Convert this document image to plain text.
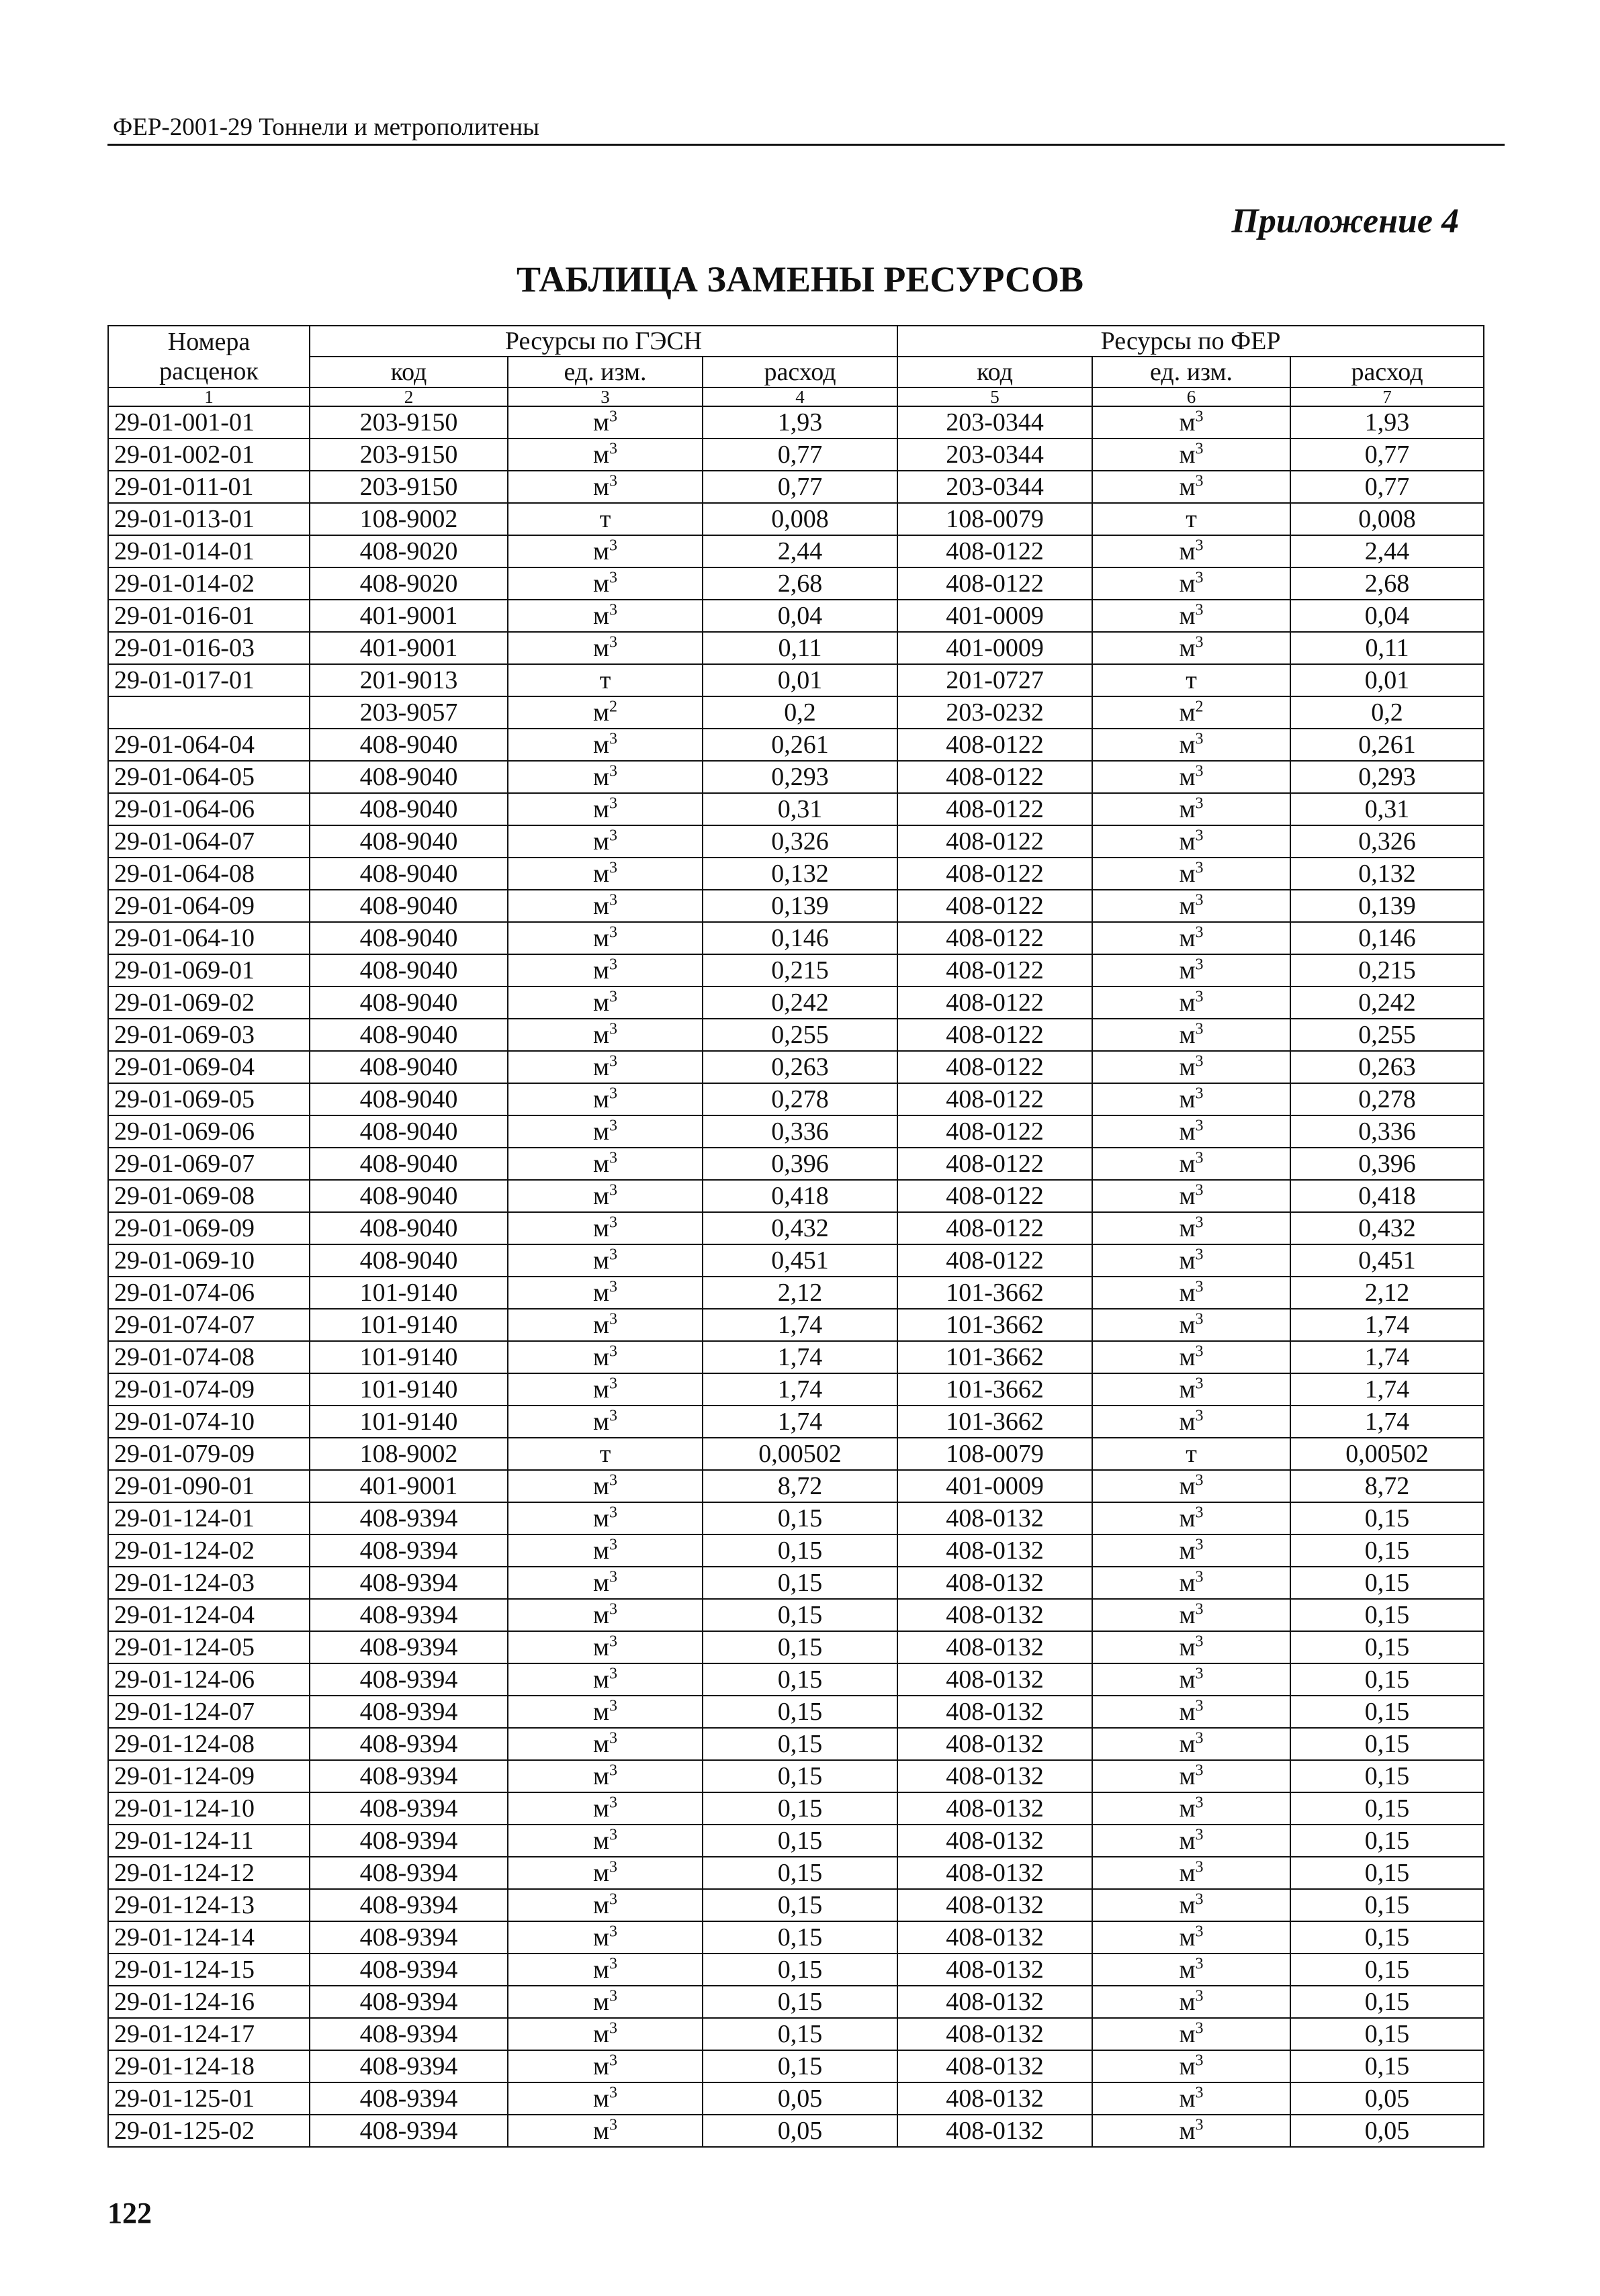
ФЕР-2001-29 Тоннели и метрополитены
Приложение 4
ТАБЛИЦА ЗАМЕНЫ РЕСУРСОВ
Номера расценок	Ресурсы по ГЭСН			Ресурсы по ФЕР		
	код	ед. изм.	расход	код	ед. изм.	расход
1	2	3	4	5	6	7
29-01-001-01	203-9150	$м^3$	1,93	203-0344	$м^3$	1,93
29-01-002-01	203-9150	$м^3$	0,77	203-0344	$м^3$	0,77
29-01-011-01	203-9150	$м^3$	0,77	203-0344	$м^3$	0,77
29-01-013-01	108-9002	т	0,008	108-0079	т	0,008
29-01-014-01	408-9020	$м^3$	2,44	408-0122	$м^3$	2,44
29-01-014-02	408-9020	$м^3$	2,68	408-0122	$м^3$	2,68
29-01-016-01	401-9001	$м^3$	0,04	401-0009	$м^3$	0,04
29-01-016-03	401-9001	$м^3$	0,11	401-0009	$м^3$	0,11
29-01-017-01	201-9013	т	0,01	201-0727	т	0,01
	203-9057	$м^2$	0,2	203-0232	$м^2$	0,2
29-01-064-04	408-9040	$м^3$	0,261	408-0122	$м^3$	0,261
29-01-064-05	408-9040	$м^3$	0,293	408-0122	$м^3$	0,293
29-01-064-06	408-9040	$м^3$	0,31	408-0122	$м^3$	0,31
29-01-064-07	408-9040	$м^3$	0,326	408-0122	$м^3$	0,326
29-01-064-08	408-9040	$м^3$	0,132	408-0122	$м^3$	0,132
29-01-064-09	408-9040	$м^3$	0,139	408-0122	$м^3$	0,139
29-01-064-10	408-9040	$м^3$	0,146	408-0122	$м^3$	0,146
29-01-069-01	408-9040	$м^3$	0,215	408-0122	$м^3$	0,215
29-01-069-02	408-9040	$м^3$	0,242	408-0122	$м^3$	0,242
29-01-069-03	408-9040	$м^3$	0,255	408-0122	$м^3$	0,255
29-01-069-04	408-9040	$м^3$	0,263	408-0122	$м^3$	0,263
29-01-069-05	408-9040	$м^3$	0,278	408-0122	$м^3$	0,278
29-01-069-06	408-9040	$м^3$	0,336	408-0122	$м^3$	0,336
29-01-069-07	408-9040	$м^3$	0,396	408-0122	$м^3$	0,396
29-01-069-08	408-9040	$м^3$	0,418	408-0122	$м^3$	0,418
29-01-069-09	408-9040	$м^3$	0,432	408-0122	$м^3$	0,432
29-01-069-10	408-9040	$м^3$	0,451	408-0122	$м^3$	0,451
29-01-074-06	101-9140	$м^3$	2,12	101-3662	$м^3$	2,12
29-01-074-07	101-9140	$м^3$	1,74	101-3662	$м^3$	1,74
29-01-074-08	101-9140	$м^3$	1,74	101-3662	$м^3$	1,74
29-01-074-09	101-9140	$м^3$	1,74	101-3662	$м^3$	1,74
29-01-074-10	101-9140	$м^3$	1,74	101-3662	$м^3$	1,74
29-01-079-09	108-9002	т	0,00502	108-0079	т	0,00502
29-01-090-01	401-9001	$м^3$	8,72	401-0009	$м^3$	8,72
29-01-124-01	408-9394	$м^3$	0,15	408-0132	$м^3$	0,15
29-01-124-02	408-9394	$м^3$	0,15	408-0132	$м^3$	0,15
29-01-124-03	408-9394	$м^3$	0,15	408-0132	$м^3$	0,15
29-01-124-04	408-9394	$м^3$	0,15	408-0132	$м^3$	0,15
29-01-124-05	408-9394	$м^3$	0,15	408-0132	$м^3$	0,15
29-01-124-06	408-9394	$м^3$	0,15	408-0132	$м^3$	0,15
29-01-124-07	408-9394	$м^3$	0,15	408-0132	$м^3$	0,15
29-01-124-08	408-9394	$м^3$	0,15	408-0132	$м^3$	0,15
29-01-124-09	408-9394	$м^3$	0,15	408-0132	$м^3$	0,15
29-01-124-10	408-9394	$м^3$	0,15	408-0132	$м^3$	0,15
29-01-124-11	408-9394	$м^3$	0,15	408-0132	$м^3$	0,15
29-01-124-12	408-9394	$м^3$	0,15	408-0132	$м^3$	0,15
29-01-124-13	408-9394	$м^3$	0,15	408-0132	$м^3$	0,15
29-01-124-14	408-9394	$м^3$	0,15	408-0132	$м^3$	0,15
29-01-124-15	408-9394	$м^3$	0,15	408-0132	$м^3$	0,15
29-01-124-16	408-9394	$м^3$	0,15	408-0132	$м^3$	0,15
29-01-124-17	408-9394	$м^3$	0,15	408-0132	$м^3$	0,15
29-01-124-18	408-9394	$м^3$	0,15	408-0132	$м^3$	0,15
29-01-125-01	408-9394	$м^3$	0,05	408-0132	$м^3$	0,05
29-01-125-02	408-9394	$м^3$	0,05	408-0132	$м^3$	0,05
122
